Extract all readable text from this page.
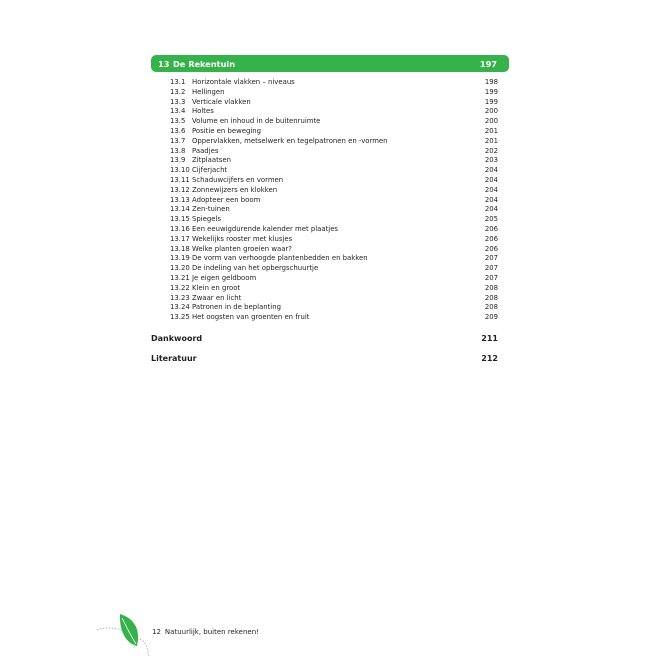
13 De Rekentuin	197
13.1 Horizontale vlakken – niveaus	198
13.2 Hellingen	199
13.3 Verticale vlakken	199
13.4 Holtes	200
13.5 Volume en inhoud in de buitenruimte	200
13.6 Positie en beweging	201
13.7 Oppervlakken, metselwerk en tegelpatronen en -vormen	201
13.8 Paadjes	202
13.9 Zitplaatsen	203
13.10 Cijferjacht	204
13.11 Schaduwcijfers en vormen	204
13.12 Zonnewijzers en klokken	204
13.13 Adopteer een boom	204
13.14 Zen-tuinen	204
13.15 Spiegels	205
13.16 Een eeuwigdurende kalender met plaatjes	206
13.17 Wekelijks rooster met klusjes	206
13.18 Welke planten groeien waar?	206
13.19 De vorm van verhoogde plantenbedden en bakken	207
13.20 De indeling van het opbergschuurtje	207
13.21 Je eigen geldboom	207
13.22 Klein en groot	208
13.23 Zwaar en licht	208
13.24 Patronen in de beplanting	208
13.25 Het oogsten van groenten en fruit	209
Dankwoord	211
Literatuur	212
12 Natuurlijk, buiten rekenen!
